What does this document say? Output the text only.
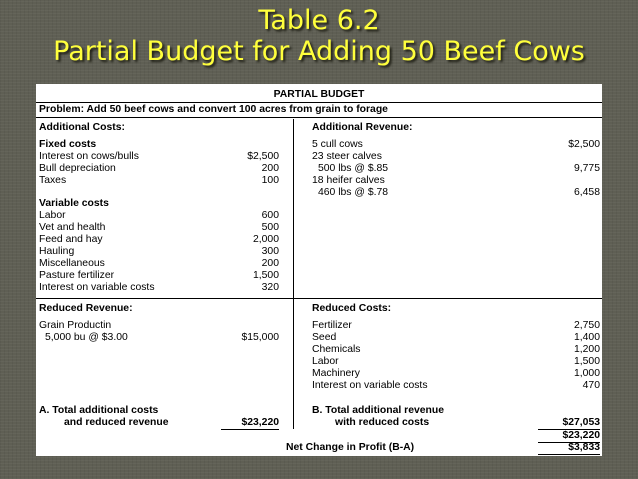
Table 6.2
Partial Budget for Adding 50 Beef Cows
PARTIAL BUDGET
Problem: Add 50 beef cows and convert 100 acres from grain to forage
Additional Costs:
Fixed costs
Interest on cows/bulls	$2,500
Bull depreciation	200
Taxes	100
Variable costs
Labor	600
Vet and health	500
Feed and hay	2,000
Hauling	300
Miscellaneous	200
Pasture fertilizer	1,500
Interest on variable costs	320
Additional Revenue:
5 cull cows	$2,500
23 steer calves
500 lbs @ $.85	9,775
18 heifer calves
460 lbs @ $.78	6,458
Reduced Revenue:
Grain Productin
5,000 bu @ $3.00	$15,000
Reduced Costs:
Fertilizer	2,750
Seed	1,400
Chemicals	1,200
Labor	1,500
Machinery	1,000
Interest on variable costs	470
A. Total additional costs
and reduced revenue	$23,220
B. Total additional revenue
with reduced costs	$27,053
$23,220
Net Change in Profit (B-A)	$3,833
